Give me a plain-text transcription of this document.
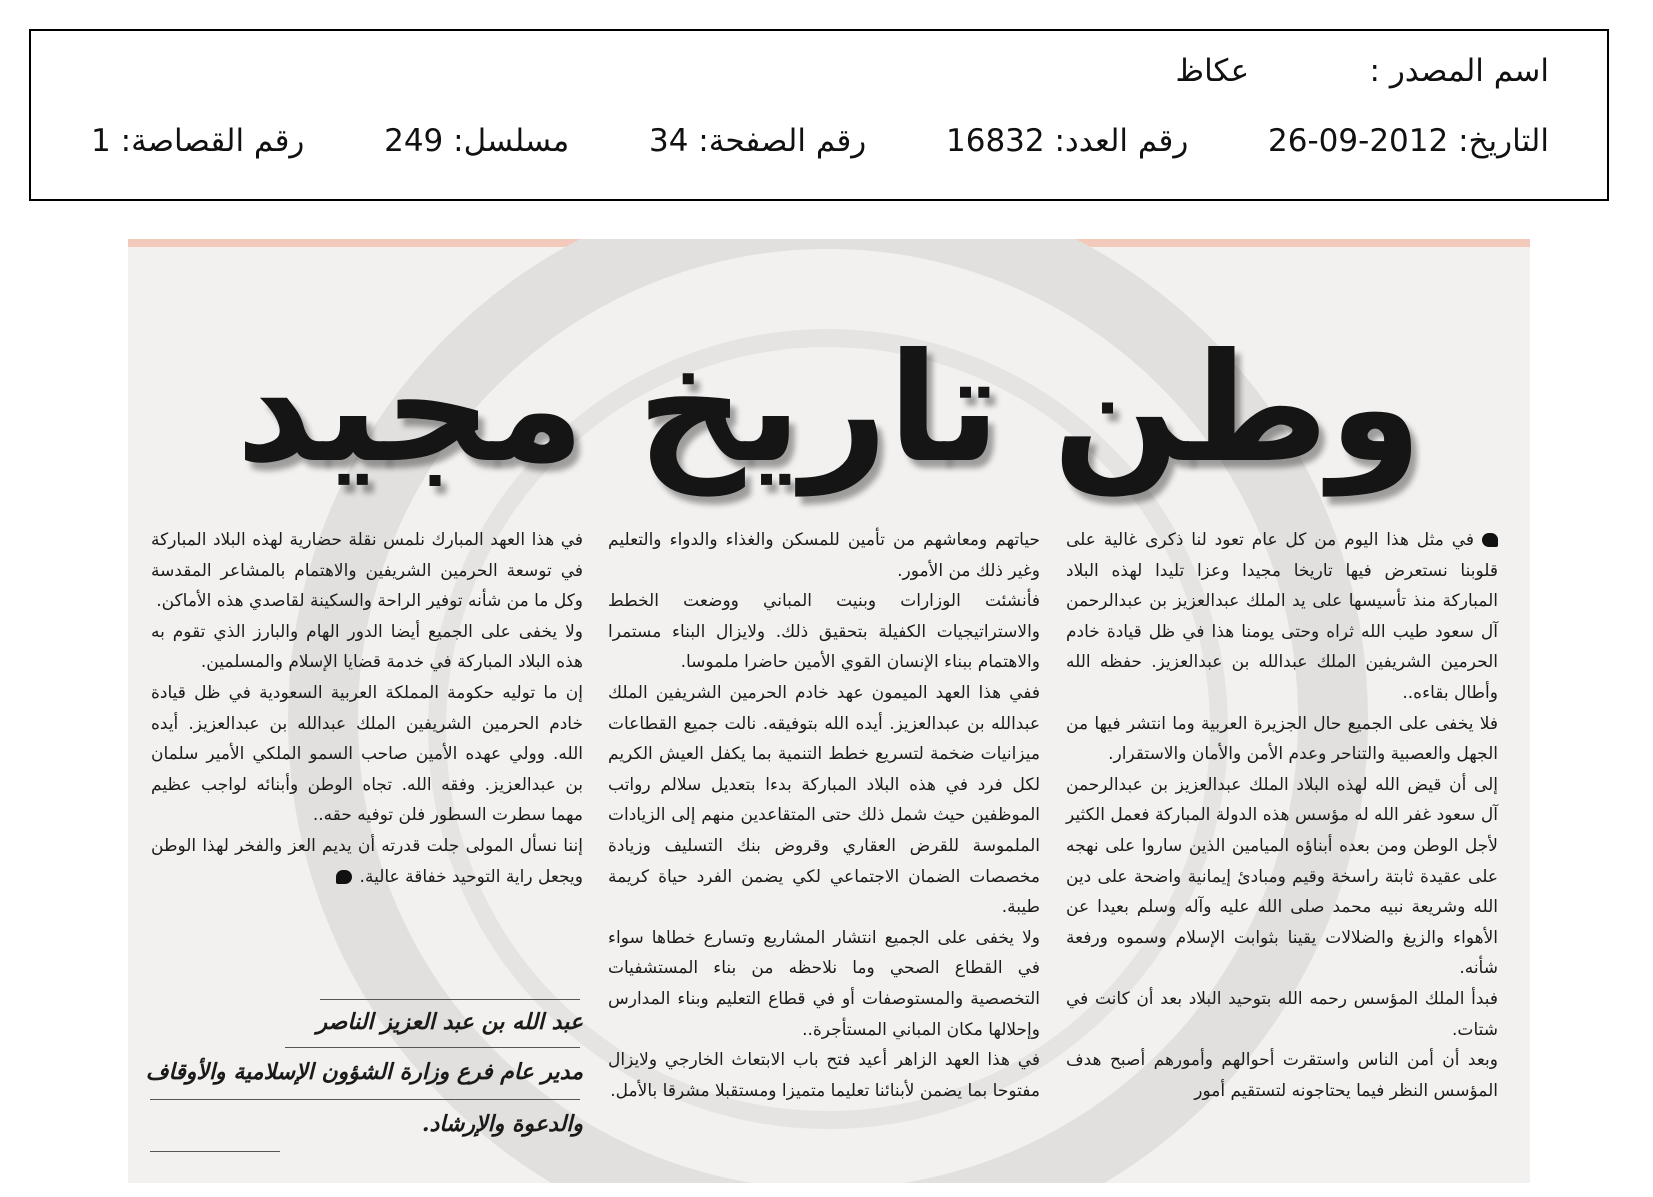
اسم المصدر : عكاظ
التاريخ: 2012-09-26
رقم العدد: 16832
رقم الصفحة: 34
مسلسل: 249
رقم القصاصة: 1
وطن تاريخ مجيد

في مثل هذا اليوم من كل عام تعود لنا ذكرى غالية على قلوبنا نستعرض فيها تاريخا مجيدا وعزا تليدا لهذه البلاد المباركة منذ تأسيسها على يد الملك عبدالعزيز بن عبدالرحمن آل سعود طيب الله ثراه وحتى يومنا هذا في ظل قيادة خادم الحرمين الشريفين الملك عبدالله بن عبدالعزيز. حفظه الله وأطال بقاءه..

فلا يخفى على الجميع حال الجزيرة العربية وما انتشر فيها من الجهل والعصبية والتناحر وعدم الأمن والأمان والاستقرار.

إلى أن قيض الله لهذه البلاد الملك عبدالعزيز بن عبدالرحمن آل سعود غفر الله له مؤسس هذه الدولة المباركة فعمل الكثير لأجل الوطن ومن بعده أبناؤه الميامين الذين ساروا على نهجه على عقيدة ثابتة راسخة وقيم ومبادئ إيمانية واضحة على دين الله وشريعة نبيه محمد صلى الله عليه وآله وسلم بعيدا عن الأهواء والزيغ والضلالات يقينا بثوابت الإسلام وسموه ورفعة شأنه.

فبدأ الملك المؤسس رحمه الله بتوحيد البلاد بعد أن كانت في شتات.

وبعد أن أمن الناس واستقرت أحوالهم وأمورهم أصبح هدف المؤسس النظر فيما يحتاجونه لتستقيم أمور

حياتهم ومعاشهم من تأمين للمسكن والغذاء والدواء والتعليم وغير ذلك من الأمور.

فأنشئت الوزارات وبنيت المباني ووضعت الخطط والاستراتيجيات الكفيلة بتحقيق ذلك. ولايزال البناء مستمرا والاهتمام ببناء الإنسان القوي الأمين حاضرا ملموسا.

ففي هذا العهد الميمون عهد خادم الحرمين الشريفين الملك عبدالله بن عبدالعزيز. أيده الله بتوفيقه. نالت جميع القطاعات ميزانيات ضخمة لتسريع خطط التنمية بما يكفل العيش الكريم لكل فرد في هذه البلاد المباركة بدءا بتعديل سلالم رواتب الموظفين حيث شمل ذلك حتى المتقاعدين منهم إلى الزيادات الملموسة للقرض العقاري وقروض بنك التسليف وزيادة مخصصات الضمان الاجتماعي لكي يضمن الفرد حياة كريمة طيبة.

ولا يخفى على الجميع انتشار المشاريع وتسارع خطاها سواء في القطاع الصحي وما نلاحظه من بناء المستشفيات التخصصية والمستوصفات أو في قطاع التعليم وبناء المدارس وإحلالها مكان المباني المستأجرة..

في هذا العهد الزاهر أعيد فتح باب الابتعاث الخارجي ولايزال مفتوحا بما يضمن لأبنائنا تعليما متميزا ومستقبلا مشرقا بالأمل.

في هذا العهد المبارك نلمس نقلة حضارية لهذه البلاد المباركة في توسعة الحرمين الشريفين والاهتمام بالمشاعر المقدسة وكل ما من شأنه توفير الراحة والسكينة لقاصدي هذه الأماكن.

ولا يخفى على الجميع أيضا الدور الهام والبارز الذي تقوم به هذه البلاد المباركة في خدمة قضايا الإسلام والمسلمين.

إن ما توليه حكومة المملكة العربية السعودية في ظل قيادة خادم الحرمين الشريفين الملك عبدالله بن عبدالعزيز. أيده الله. وولي عهده الأمين صاحب السمو الملكي الأمير سلمان بن عبدالعزيز. وفقه الله. تجاه الوطن وأبنائه لواجب عظيم مهما سطرت السطور فلن توفيه حقه..

إننا نسأل المولى جلت قدرته أن يديم العز والفخر لهذا الوطن ويجعل راية التوحيد خفاقة عالية.

عبد الله بن عبد العزيز الناصر
مدير عام فرع وزارة الشؤون الإسلامية والأوقاف
والدعوة والإرشاد.
